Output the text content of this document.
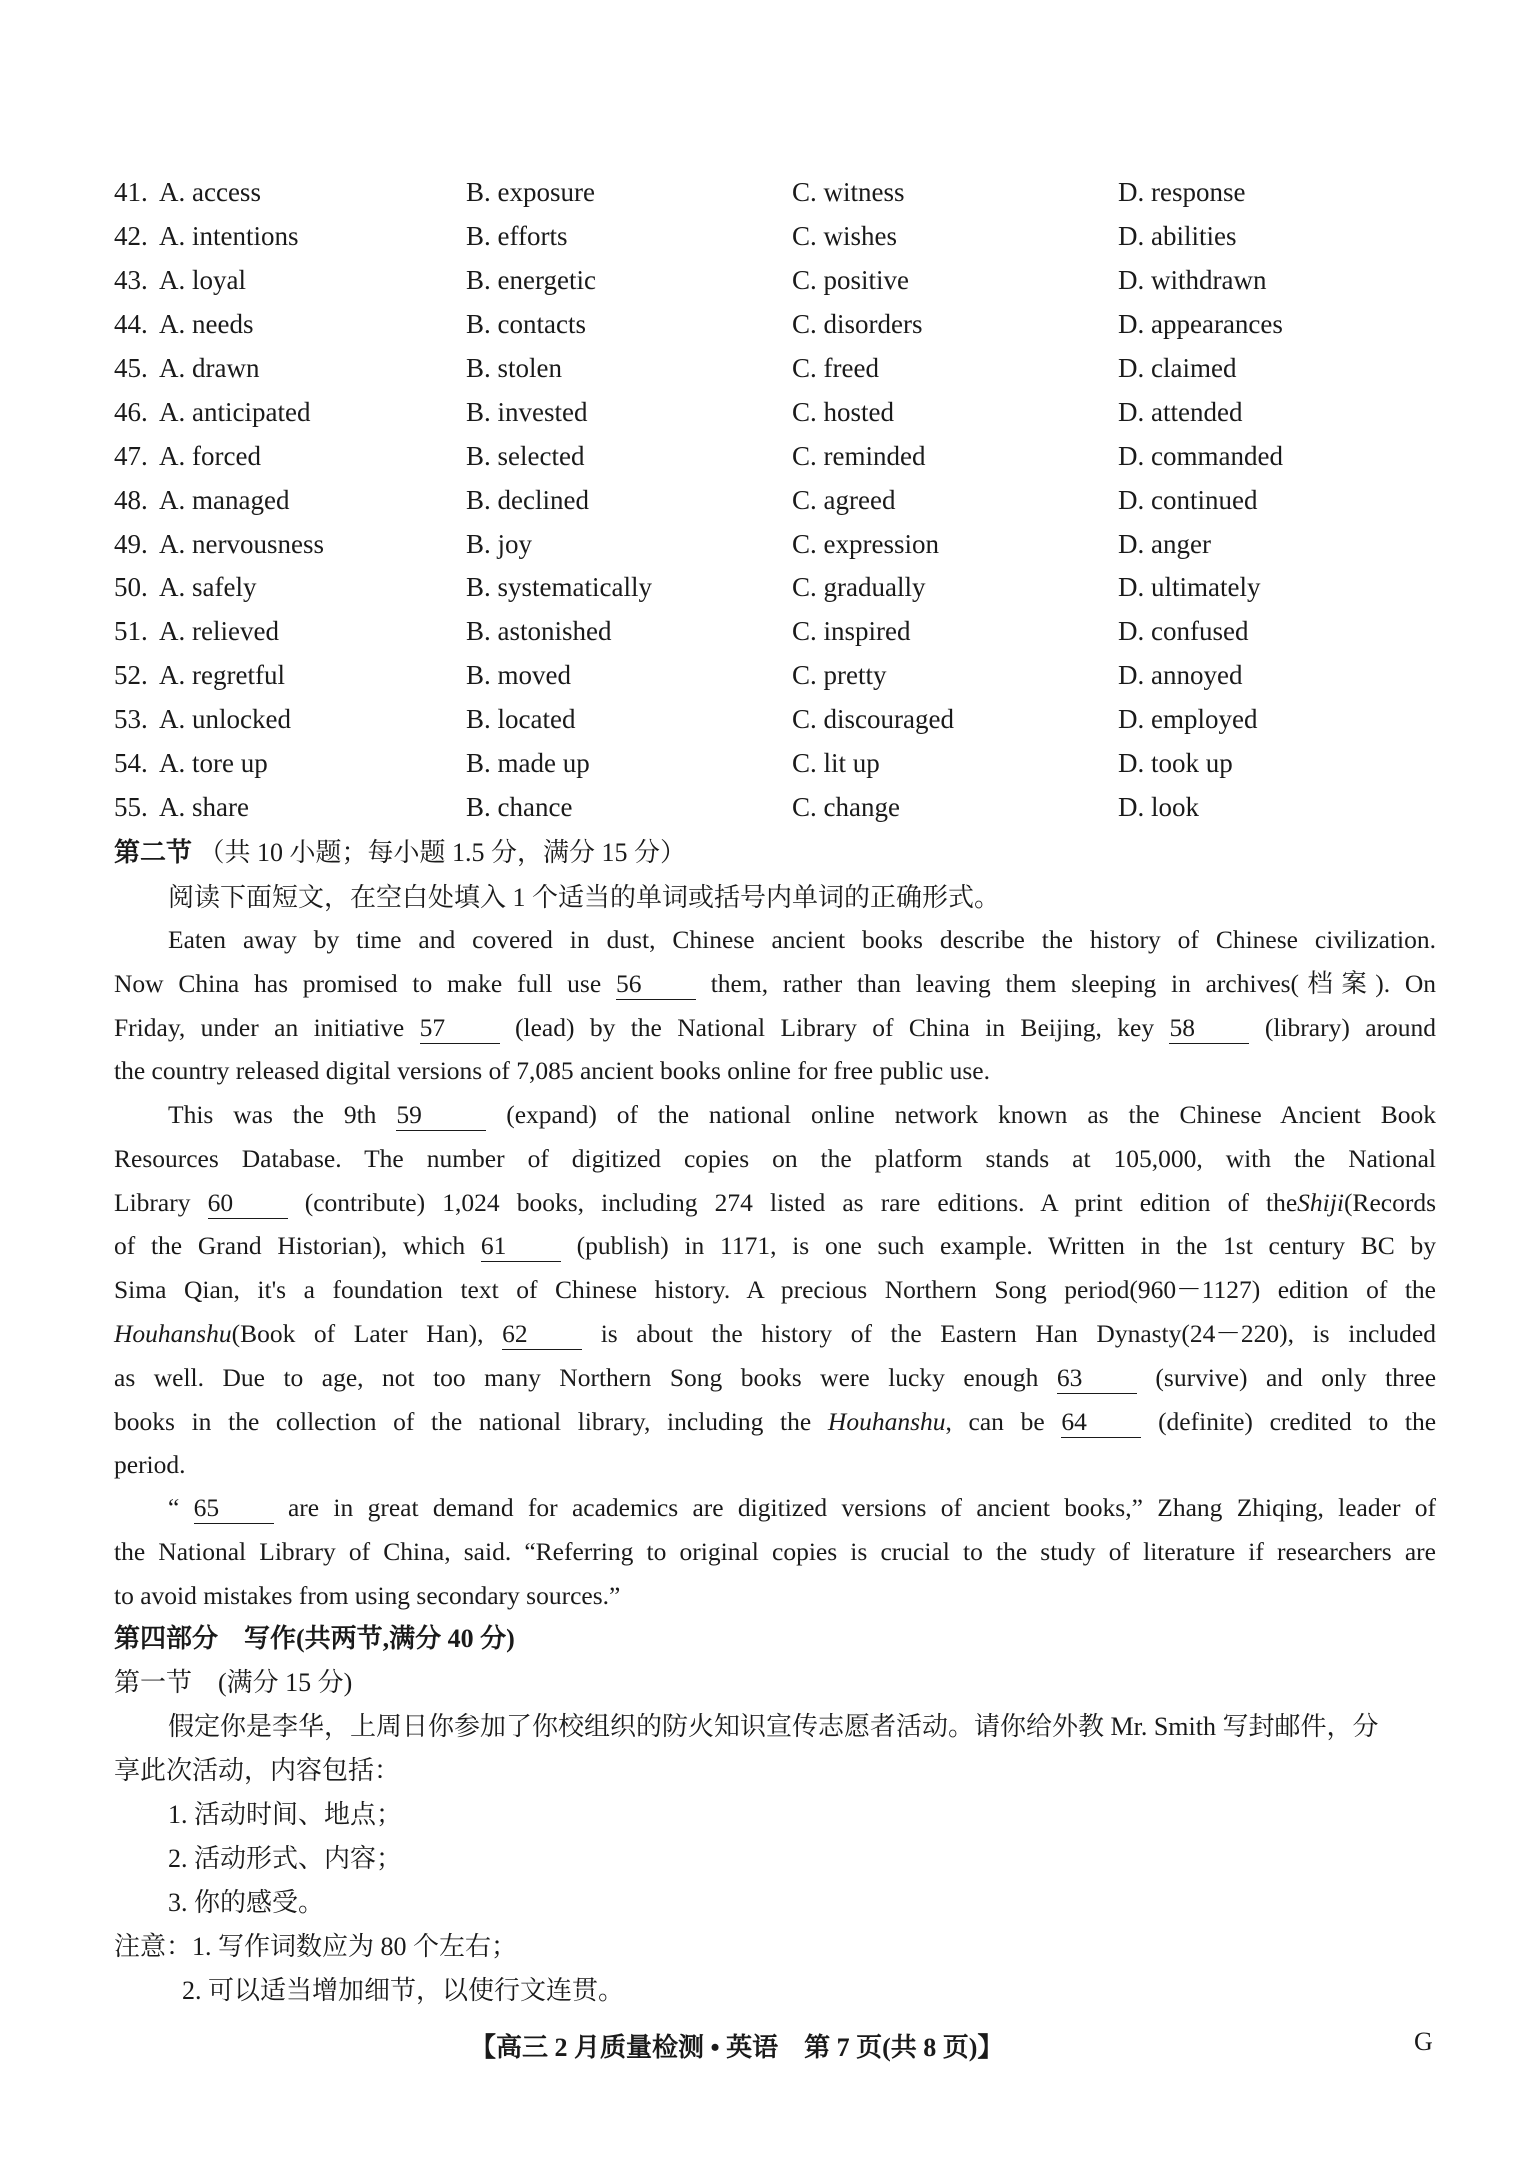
41. A. access	B. exposure	C. witness	D. response
42. A. intentions	B. efforts	C. wishes	D. abilities
43. A. loyal	B. energetic	C. positive	D. withdrawn
44. A. needs	B. contacts	C. disorders	D. appearances
45. A. drawn	B. stolen	C. freed	D. claimed
46. A. anticipated	B. invested	C. hosted	D. attended
47. A. forced	B. selected	C. reminded	D. commanded
48. A. managed	B. declined	C. agreed	D. continued
49. A. nervousness	B. joy	C. expression	D. anger
50. A. safely	B. systematically	C. gradually	D. ultimately
51. A. relieved	B. astonished	C. inspired	D. confused
52. A. regretful	B. moved	C. pretty	D. annoyed
53. A. unlocked	B. located	C. discouraged	D. employed
54. A. tore up	B. made up	C. lit up	D. took up
55. A. share	B. chance	C. change	D. look
第二节 （共 10 小题；每小题 1.5 分，满分 15 分）
阅读下面短文，在空白处填入 1 个适当的单词或括号内单词的正确形式。
Eaten away by time and covered in dust, Chinese ancient books describe the history of Chinese civilization.
Now China has promised to make full use 56	them, rather than leaving them sleeping in archives(档案). On
Friday, under an initiative 57	(lead) by the National Library of China in Beijing, key 58	(library) around
the country released digital versions of 7,085 ancient books online for free public use.
This was the 9th 59	(expand) of the national online network known as the Chinese Ancient Book
Resources Database. The number of digitized copies on the platform stands at 105,000, with the National
Library 60	(contribute) 1,024 books, including 274 listed as rare editions. A print edition of theShiji(Records
of the Grand Historian), which 61	(publish) in 1171, is one such example. Written in the 1st century BC by
Sima Qian, it's a foundation text of Chinese history. A precious Northern Song period(960－1127) edition of the
Houhanshu(Book of Later Han), 62	is about the history of the Eastern Han Dynasty(24－220), is included
as well. Due to age, not too many Northern Song books were lucky enough 63	(survive) and only three
books in the collection of the national library, including the Houhanshu, can be 64	(definite) credited to the
period.
“ 65	are in great demand for academics are digitized versions of ancient books,” Zhang Zhiqing, leader of
the National Library of China, said. “Referring to original copies is crucial to the study of literature if researchers are
to avoid mistakes from using secondary sources.”
第四部分　写作(共两节,满分 40 分)
第一节　(满分 15 分)
假定你是李华，上周日你参加了你校组织的防火知识宣传志愿者活动。请你给外教 Mr. Smith 写封邮件，分
享此次活动，内容包括：
1. 活动时间、地点；
2. 活动形式、内容；
3. 你的感受。
注意：1. 写作词数应为 80 个左右；
2. 可以适当增加细节，以使行文连贯。
【高三 2 月质量检测 • 英语　第 7 页(共 8 页)】	G
